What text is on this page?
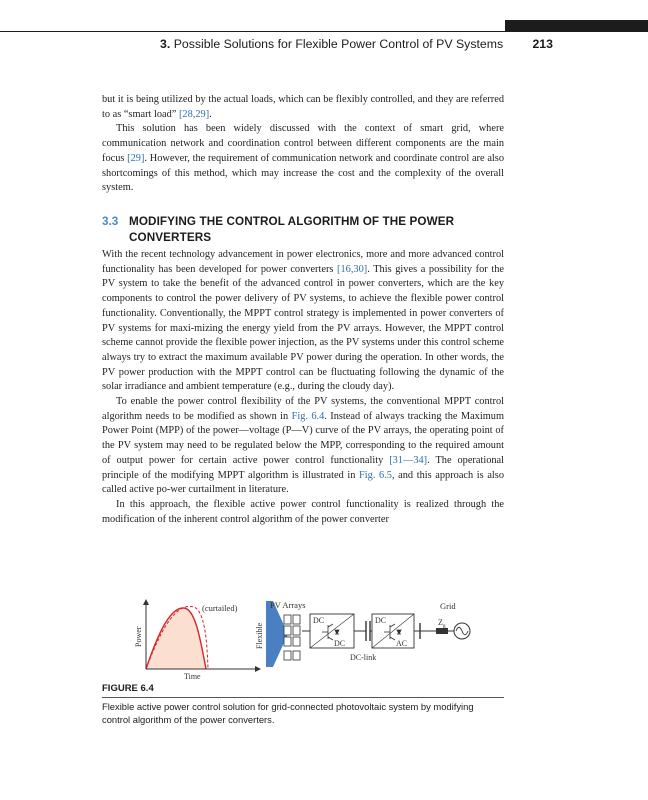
3. Possible Solutions for Flexible Power Control of PV Systems 213

but it is being utilized by the actual loads, which can be flexibly controlled, and they are referred to as “smart load” [28,29].

This solution has been widely discussed with the context of smart grid, where communication network and coordination control between different components are the main focus [29]. However, the requirement of communication network and coordinate control are also shortcomings of this method, which may increase the cost and the complexity of the overall system.

3.3 MODIFYING THE CONTROL ALGORITHM OF THE POWER
CONVERTERS

With the recent technology advancement in power electronics, more and more advanced control functionality has been developed for power converters [16,30]. This gives a possibility for the PV system to take the benefit of the advanced control in power converters, which are the key components to control the power delivery of PV systems, to achieve the flexible power control functionality. Conventionally, the MPPT control strategy is implemented in power converters of PV systems for maxi-mizing the energy yield from the PV arrays. However, the MPPT control scheme cannot provide the flexible power injection, as the PV systems under this control scheme always try to extract the maximum available PV power during the operation. In other words, the PV power production with the MPPT control can be fluctuating following the dynamic of the solar irradiance and ambient temperature (e.g., during the cloudy day).

To enable the power control flexibility of the PV systems, the conventional MPPT control algorithm needs to be modified as shown in Fig. 6.4. Instead of always tracking the Maximum Power Point (MPP) of the power—voltage (P—V) curve of the PV arrays, the operating point of the PV system may need to be regulated below the MPP, corresponding to the required amount of output power for certain active power control functionality [31—34]. The operational principle of the modifying MPPT algorithm is illustrated in Fig. 6.5, and this approach is also called active po-wer curtailment in literature.

In this approach, the flexible active power control functionality is realized through the modification of the inherent control algorithm of the power converter

(curtailed)
Power
Time
Flexible
PV Arrays
DC
DC
DC-link
DC
AC
Grid
$Z_g$
FIGURE 6.4
Flexible active power control solution for grid-connected photovoltaic system by modifying control algorithm of the power converters.
